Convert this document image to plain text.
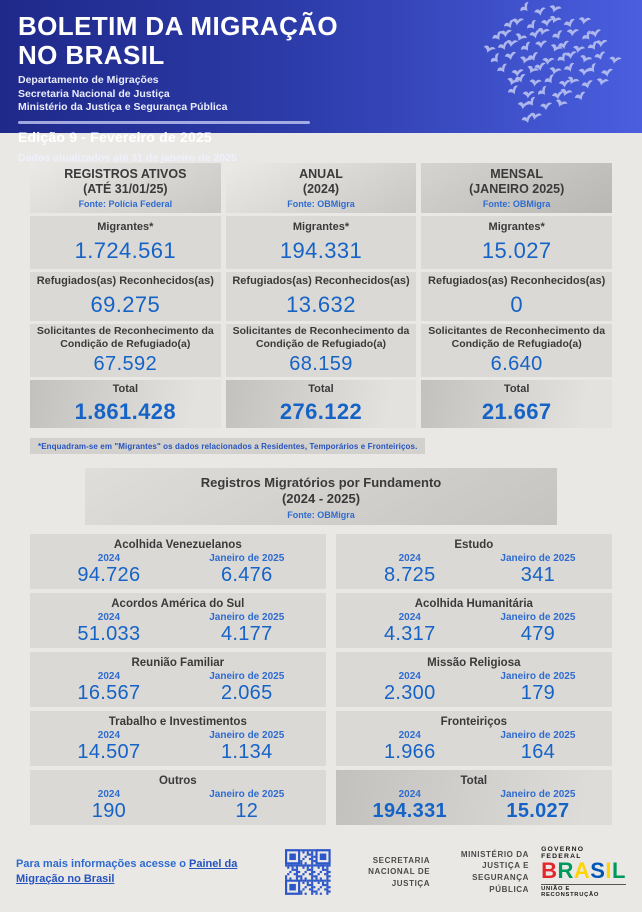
BOLETIM DA MIGRAÇÃO
NO BRASIL
Departamento de Migrações
Secretaria Nacional de Justiça
Ministério da Justiça e Segurança Pública
Edição 9 - Fevereiro de 2025
Dados atualizados até 31 de janeiro de 2025
REGISTROS ATIVOS
(ATÉ 31/01/25)
Fonte: Polícia Federal
Migrantes*
1.724.561
Refugiados(as) Reconhecidos(as)
69.275
Solicitantes de Reconhecimento da
Condição de Refugiado(a)
67.592
Total
1.861.428
ANUAL
(2024)
Fonte: OBMigra
Migrantes*
194.331
Refugiados(as) Reconhecidos(as)
13.632
Solicitantes de Reconhecimento da
Condição de Refugiado(a)
68.159
Total
276.122
MENSAL
(JANEIRO 2025)
Fonte: OBMigra
Migrantes*
15.027
Refugiados(as) Reconhecidos(as)
0
Solicitantes de Reconhecimento da
Condição de Refugiado(a)
6.640
Total
21.667
*Enquadram-se em "Migrantes" os dados relacionados a Residentes, Temporários e Fronteiriços.
Registros Migratórios por Fundamento
(2024 - 2025)
Fonte: OBMigra
Acolhida Venezuelanos
2024
94.726
Janeiro de 2025
6.476
Estudo
2024
8.725
Janeiro de 2025
341
Acordos América do Sul
2024
51.033
Janeiro de 2025
4.177
Acolhida Humanitária
2024
4.317
Janeiro de 2025
479
Reunião Familiar
2024
16.567
Janeiro de 2025
2.065
Missão Religiosa
2024
2.300
Janeiro de 2025
179
Trabalho e Investimentos
2024
14.507
Janeiro de 2025
1.134
Fronteiriços
2024
1.966
Janeiro de 2025
164
Outros
2024
190
Janeiro de 2025
12
Total
2024
194.331
Janeiro de 2025
15.027
Para mais informações acesse o Painel da Migração no Brasil
SECRETARIA NACIONAL DE
JUSTIÇA
MINISTÉRIO DA
JUSTIÇA E
SEGURANÇA PÚBLICA
GOVERNO FEDERAL
BRASIL
UNIÃO E RECONSTRUÇÃO
